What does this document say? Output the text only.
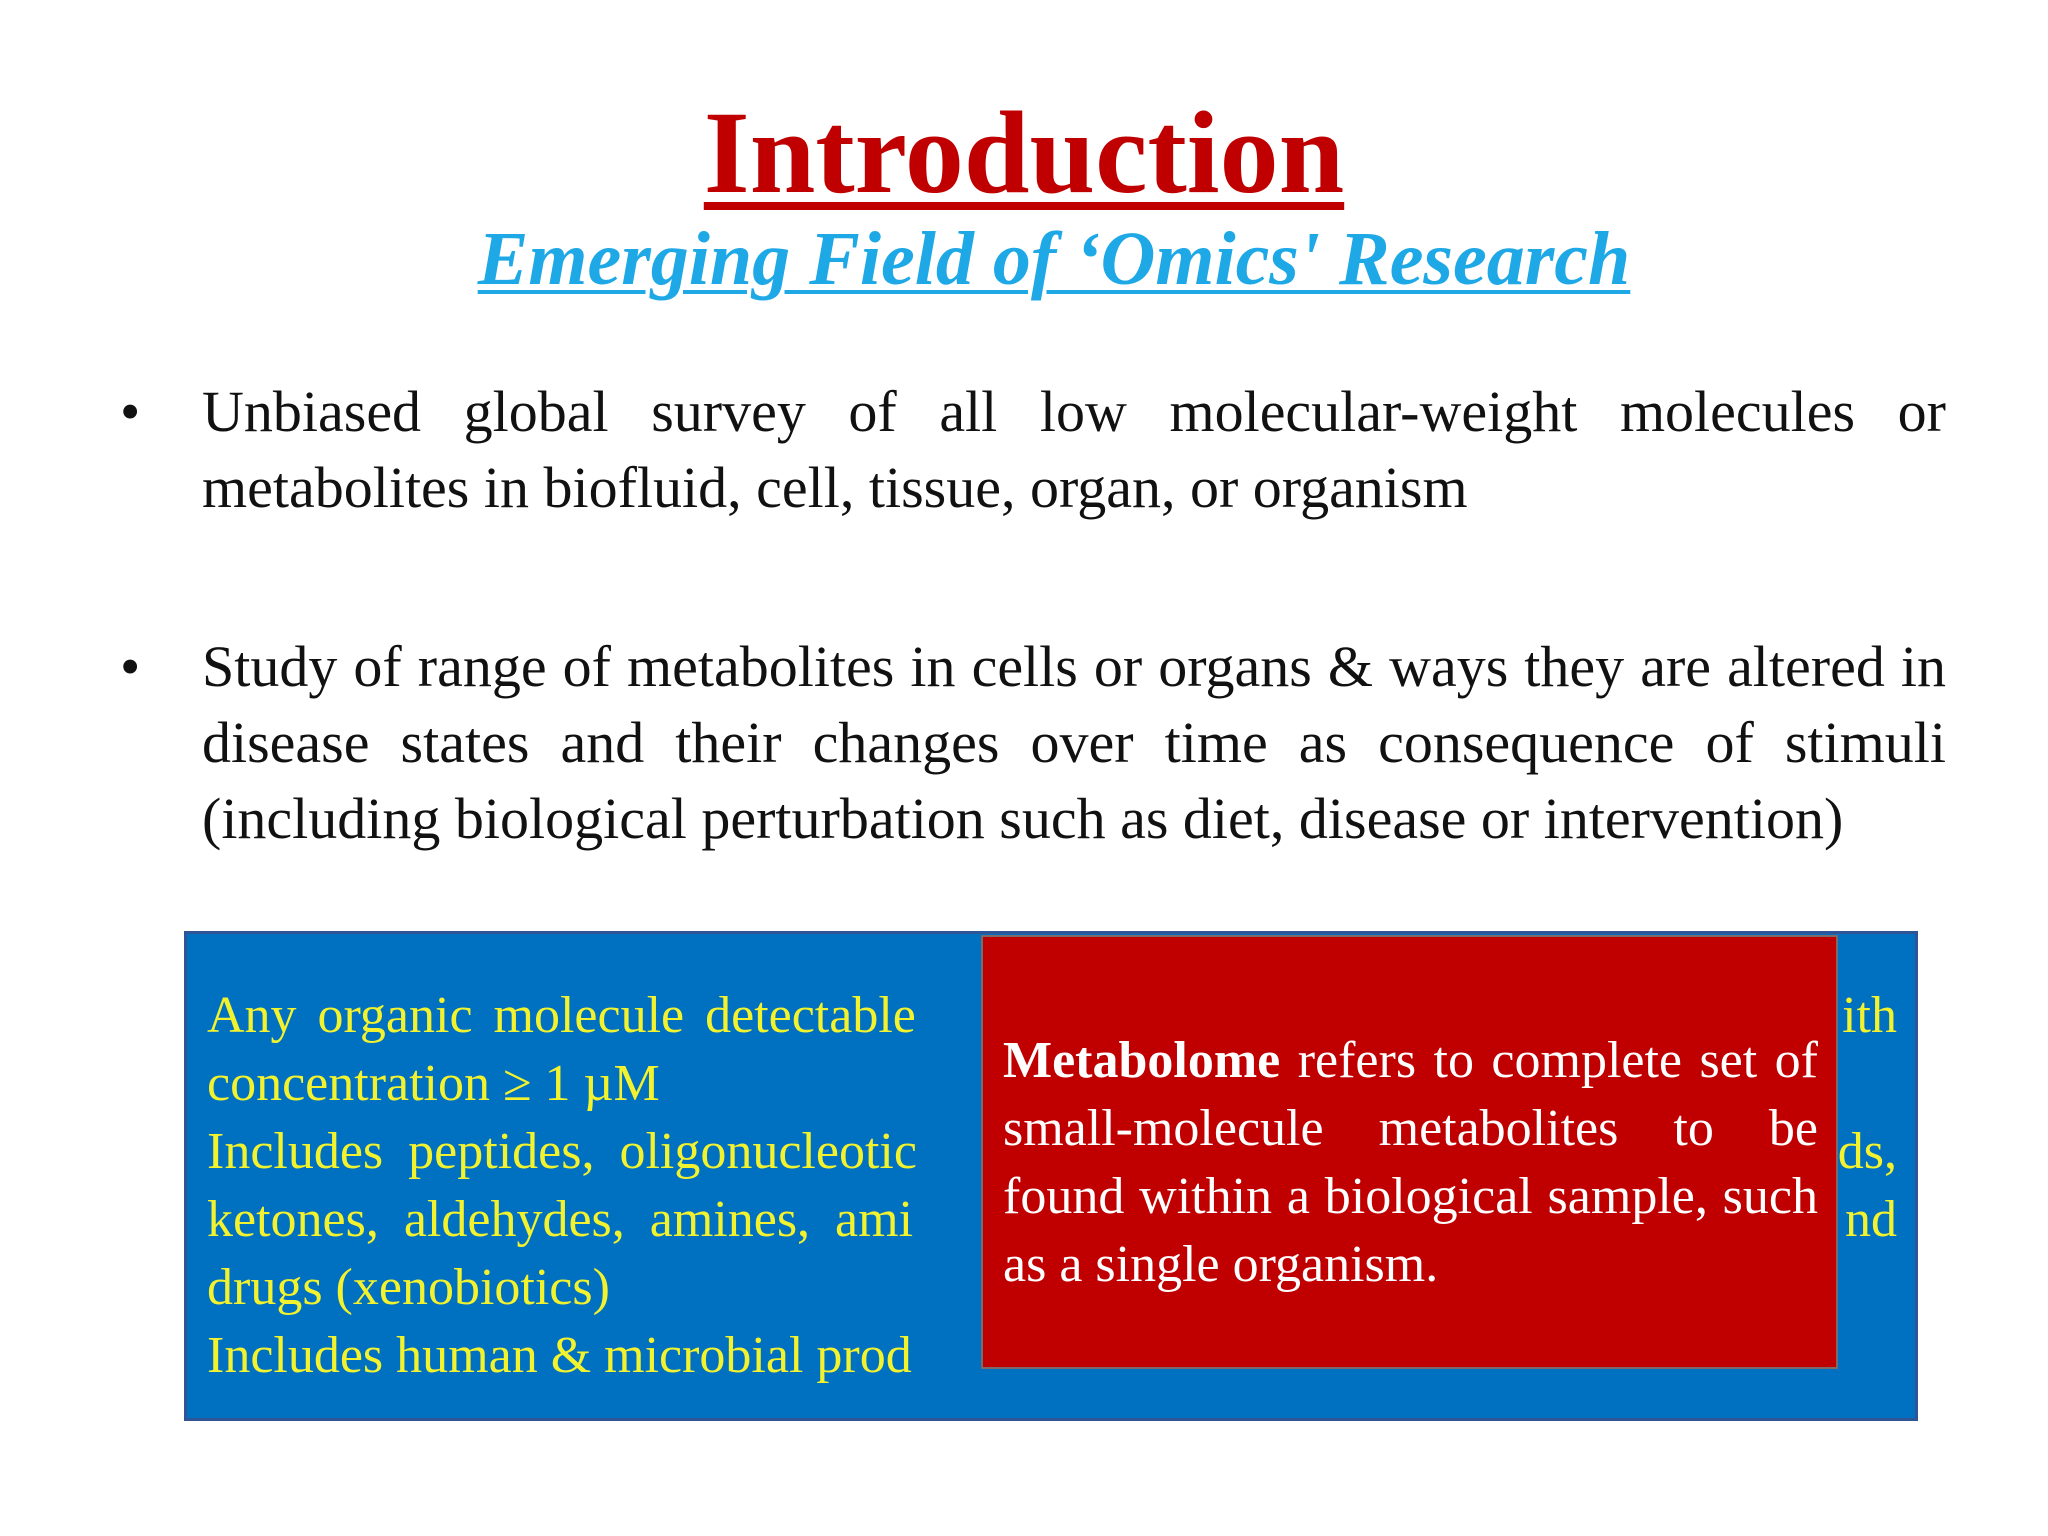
Introduction
Emerging Field of ‘Omics' Research
•	Unbiased global survey of all low molecular-weight molecules or metabolites in biofluid, cell, tissue, organ, or organism
•	Study of range of metabolites in cells or organs & ways they are altered in disease states and their changes over time as consequence of stimuli (including biological perturbation such as diet, disease or intervention)

Any organic molecule detectable	ith

concentration ≥ 1 µM

Includes peptides, oligonucleotic	ds,

ketones, aldehydes, amines, ami	nd

drugs (xenobiotics)

Includes human & microbial prod

Metabolome refers to complete set of small-molecule metabolites to be found within a biological sample, such as a single organism.
